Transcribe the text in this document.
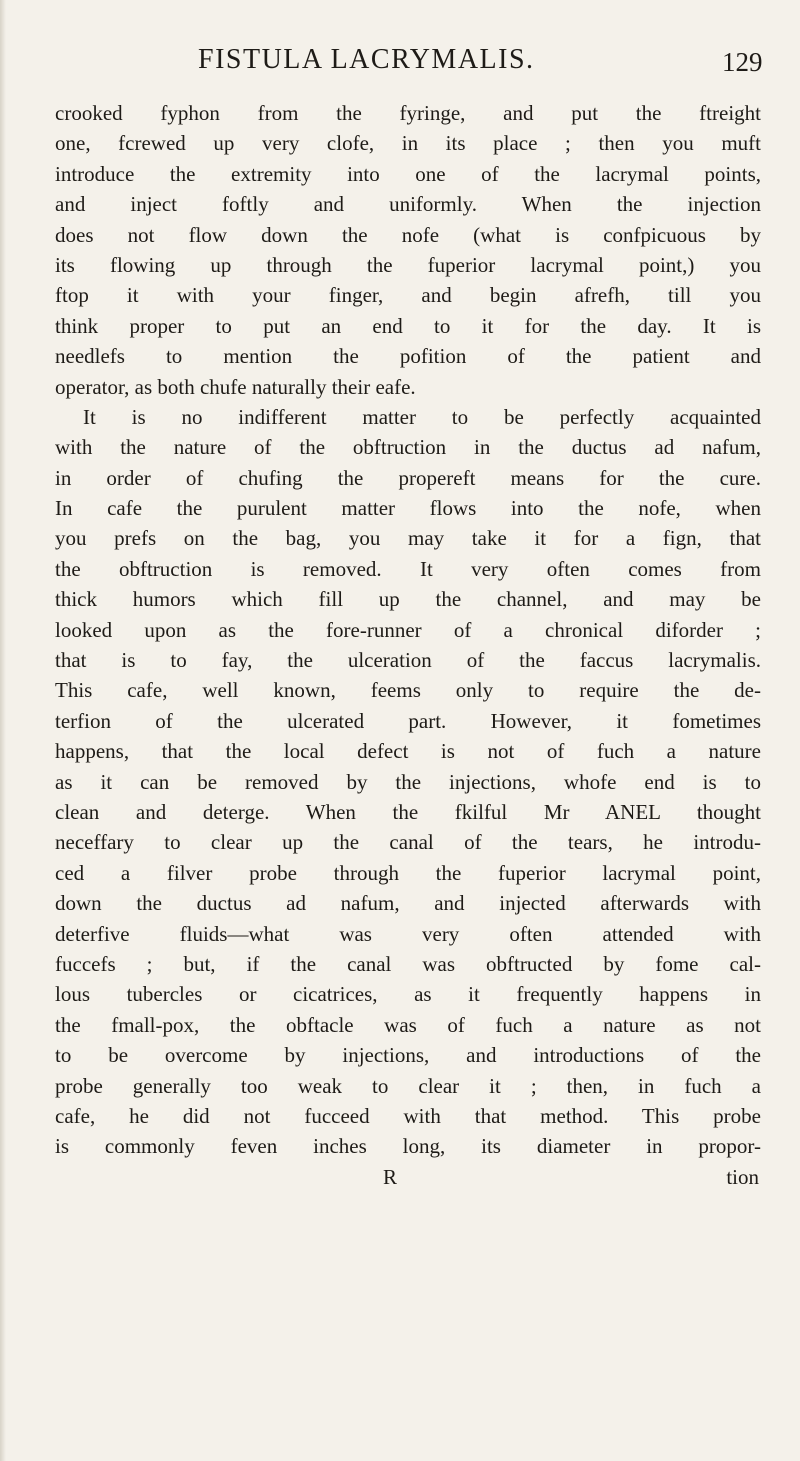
FISTULA LACRYMALIS.	129
crooked fyphon from the fyringe, and put the ftreight
one, fcrewed up very clofe, in its place ; then you muft
introduce the extremity into one of the lacrymal points,
and inject foftly and uniformly. When the injection
does not flow down the nofe (what is confpicuous by
its flowing up through the fuperior lacrymal point,) you
ftop it with your finger, and begin afrefh, till you
think proper to put an end to it for the day. It is
needlefs to mention the pofition of the patient and
operator, as both chufe naturally their eafe.
It is no indifferent matter to be perfectly acquainted
with the nature of the obftruction in the ductus ad nafum,
in order of chufing the propereft means for the cure.
In cafe the purulent matter flows into the nofe, when
you prefs on the bag, you may take it for a fign, that
the obftruction is removed. It very often comes from
thick humors which fill up the channel, and may be
looked upon as the fore-runner of a chronical diforder ;
that is to fay, the ulceration of the faccus lacrymalis.
This cafe, well known, feems only to require the de-
terfion of the ulcerated part. However, it fometimes
happens, that the local defect is not of fuch a nature
as it can be removed by the injections, whofe end is to
clean and deterge. When the fkilful Mr ANEL thought
neceffary to clear up the canal of the tears, he introdu-
ced a filver probe through the fuperior lacrymal point,
down the ductus ad nafum, and injected afterwards with
deterfive fluids—what was very often attended with
fuccefs ; but, if the canal was obftructed by fome cal-
lous tubercles or cicatrices, as it frequently happens in
the fmall-pox, the obftacle was of fuch a nature as not
to be overcome by injections, and introductions of the
probe generally too weak to clear it ; then, in fuch a
cafe, he did not fucceed with that method. This probe
is commonly feven inches long, its diameter in propor-
R	tion
